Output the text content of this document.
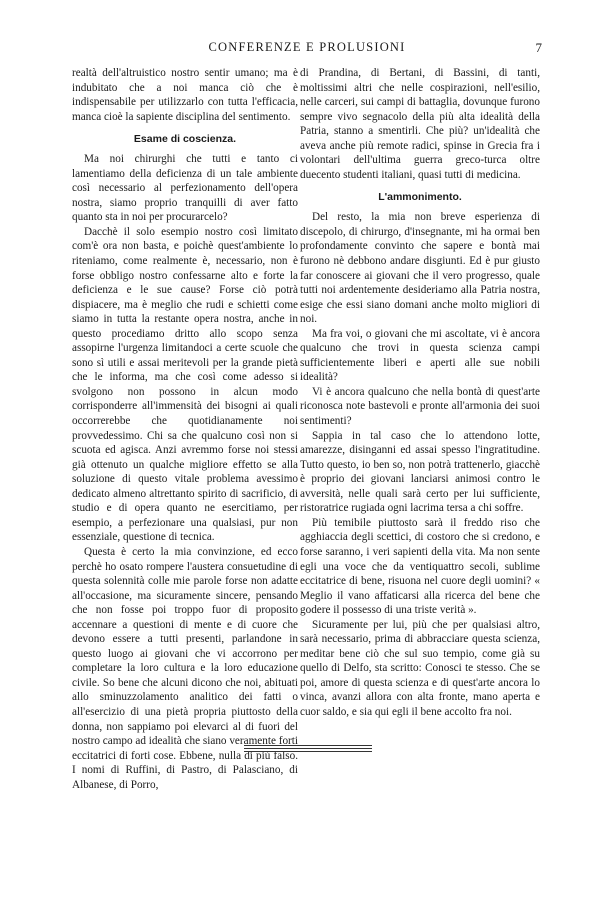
CONFERENZE E PROLUSIONI	7

realtà dell'altruistico nostro sentir umano; ma è indubitato che a noi manca ciò che è indispensabile per utilizzarlo con tutta l'efficacia, manca cioè la sapiente disciplina del sentimento.

Esame di coscienza.

Ma noi chirurghi che tutti e tanto ci lamentiamo della deficienza di un tale ambiente così necessario al perfezionamento dell'opera nostra, siamo proprio tranquilli di aver fatto quanto sta in noi per procurarcelo?

Dacchè il solo esempio nostro così limitato com'è ora non basta, e poichè quest'ambiente lo riteniamo, come realmente è, necessario, non è forse obbligo nostro confessarne alto e forte la deficienza e le sue cause? Forse ciò potrà dispiacere, ma è meglio che rudi e schietti come siamo in tutta la restante opera nostra, anche in questo procediamo dritto allo scopo senza assopirne l'urgenza limitandoci a certe scuole che sono sì utili e assai meritevoli per la grande pietà che le informa, ma che così come adesso si svolgono non possono in alcun modo corrisponderre all'immensità dei bisogni ai quali occorrerebbe che quotidianamente noi provvedessimo. Chi sa che qualcuno così non si scuota ed agisca. Anzi avremmo forse noi stessi già ottenuto un qualche migliore effetto se alla soluzione di questo vitale problema avessimo dedicato almeno altrettanto spirito di sacrificio, di studio e di opera quanto ne esercitiamo, per esempio, a perfezionare una qualsiasi, pur non essenziale, questione di tecnica.

Questa è certo la mia convinzione, ed ecco perchè ho osato rompere l'austera consuetudine di questa solennità colle mie parole forse non adatte all'occasione, ma sicuramente sincere, pensando che non fosse poi troppo fuor di proposito accennare a questioni di mente e di cuore che devono essere a tutti presenti, parlandone in questo luogo ai giovani che vi accorrono per completare la loro cultura e la loro educazione civile. So bene che alcuni dicono che noi, abituati allo sminuzzolamento analitico dei fatti o all'esercizio di una pietà propria piuttosto della donna, non sappiamo poi elevarci al di fuori del nostro campo ad idealità che siano veramente forti eccitatrici di forti cose. Ebbene, nulla di più falso. I nomi di Ruffini, di Pastro, di Palasciano, di Albanese, di Porro,

di Prandina, di Bertani, di Bassini, di tanti, moltissimi altri che nelle cospirazioni, nell'esilio, nelle carceri, sui campi di battaglia, dovunque furono sempre vivo segnacolo della più alta idealità della Patria, stanno a smentirli. Che più? un'idealità che aveva anche più remote radici, spinse in Grecia fra i volontari dell'ultima guerra greco-turca oltre duecento studenti italiani, quasi tutti di medicina.

L'ammonimento.

Del resto, la mia non breve esperienza di discepolo, di chirurgo, d'insegnante, mi ha ormai ben profondamente convinto che sapere e bontà mai furono nè debbono andare disgiunti. Ed è pur giusto far conoscere ai giovani che il vero progresso, quale tutti noi ardentemente desideriamo alla Patria nostra, esige che essi siano domani anche molto migliori di noi.

Ma fra voi, o giovani che mi ascoltate, vi è ancora qualcuno che trovi in questa scienza campi sufficientemente liberi e aperti alle sue nobili idealità?

Vi è ancora qualcuno che nella bontà di quest'arte riconosca note bastevoli e pronte all'armonia dei suoi sentimenti?

Sappia in tal caso che lo attendono lotte, amarezze, disinganni ed assai spesso l'ingratitudine. Tutto questo, io ben so, non potrà trattenerlo, giacchè è proprio dei giovani lanciarsi animosi contro le avversità, nelle quali sarà certo per lui sufficiente, ristoratrice rugiada ogni lacrima tersa a chi soffre.

Più temibile piuttosto sarà il freddo riso che agghiaccia degli scettici, di costoro che si credono, e forse saranno, i veri sapienti della vita. Ma non sente egli una voce che da ventiquattro secoli, sublime eccitatrice di bene, risuona nel cuore degli uomini? « Meglio il vano affaticarsi alla ricerca del bene che godere il possesso di una triste verità ».

Sicuramente per lui, più che per qualsiasi altro, sarà necessario, prima di abbracciare questa scienza, meditar bene ciò che sul suo tempio, come già su quello di Delfo, sta scritto: Conosci te stesso. Che se poi, amore di questa scienza e di quest'arte ancora lo vinca, avanzi allora con alta fronte, mano aperta e cuor saldo, e sia qui egli il bene accolto fra noi.
